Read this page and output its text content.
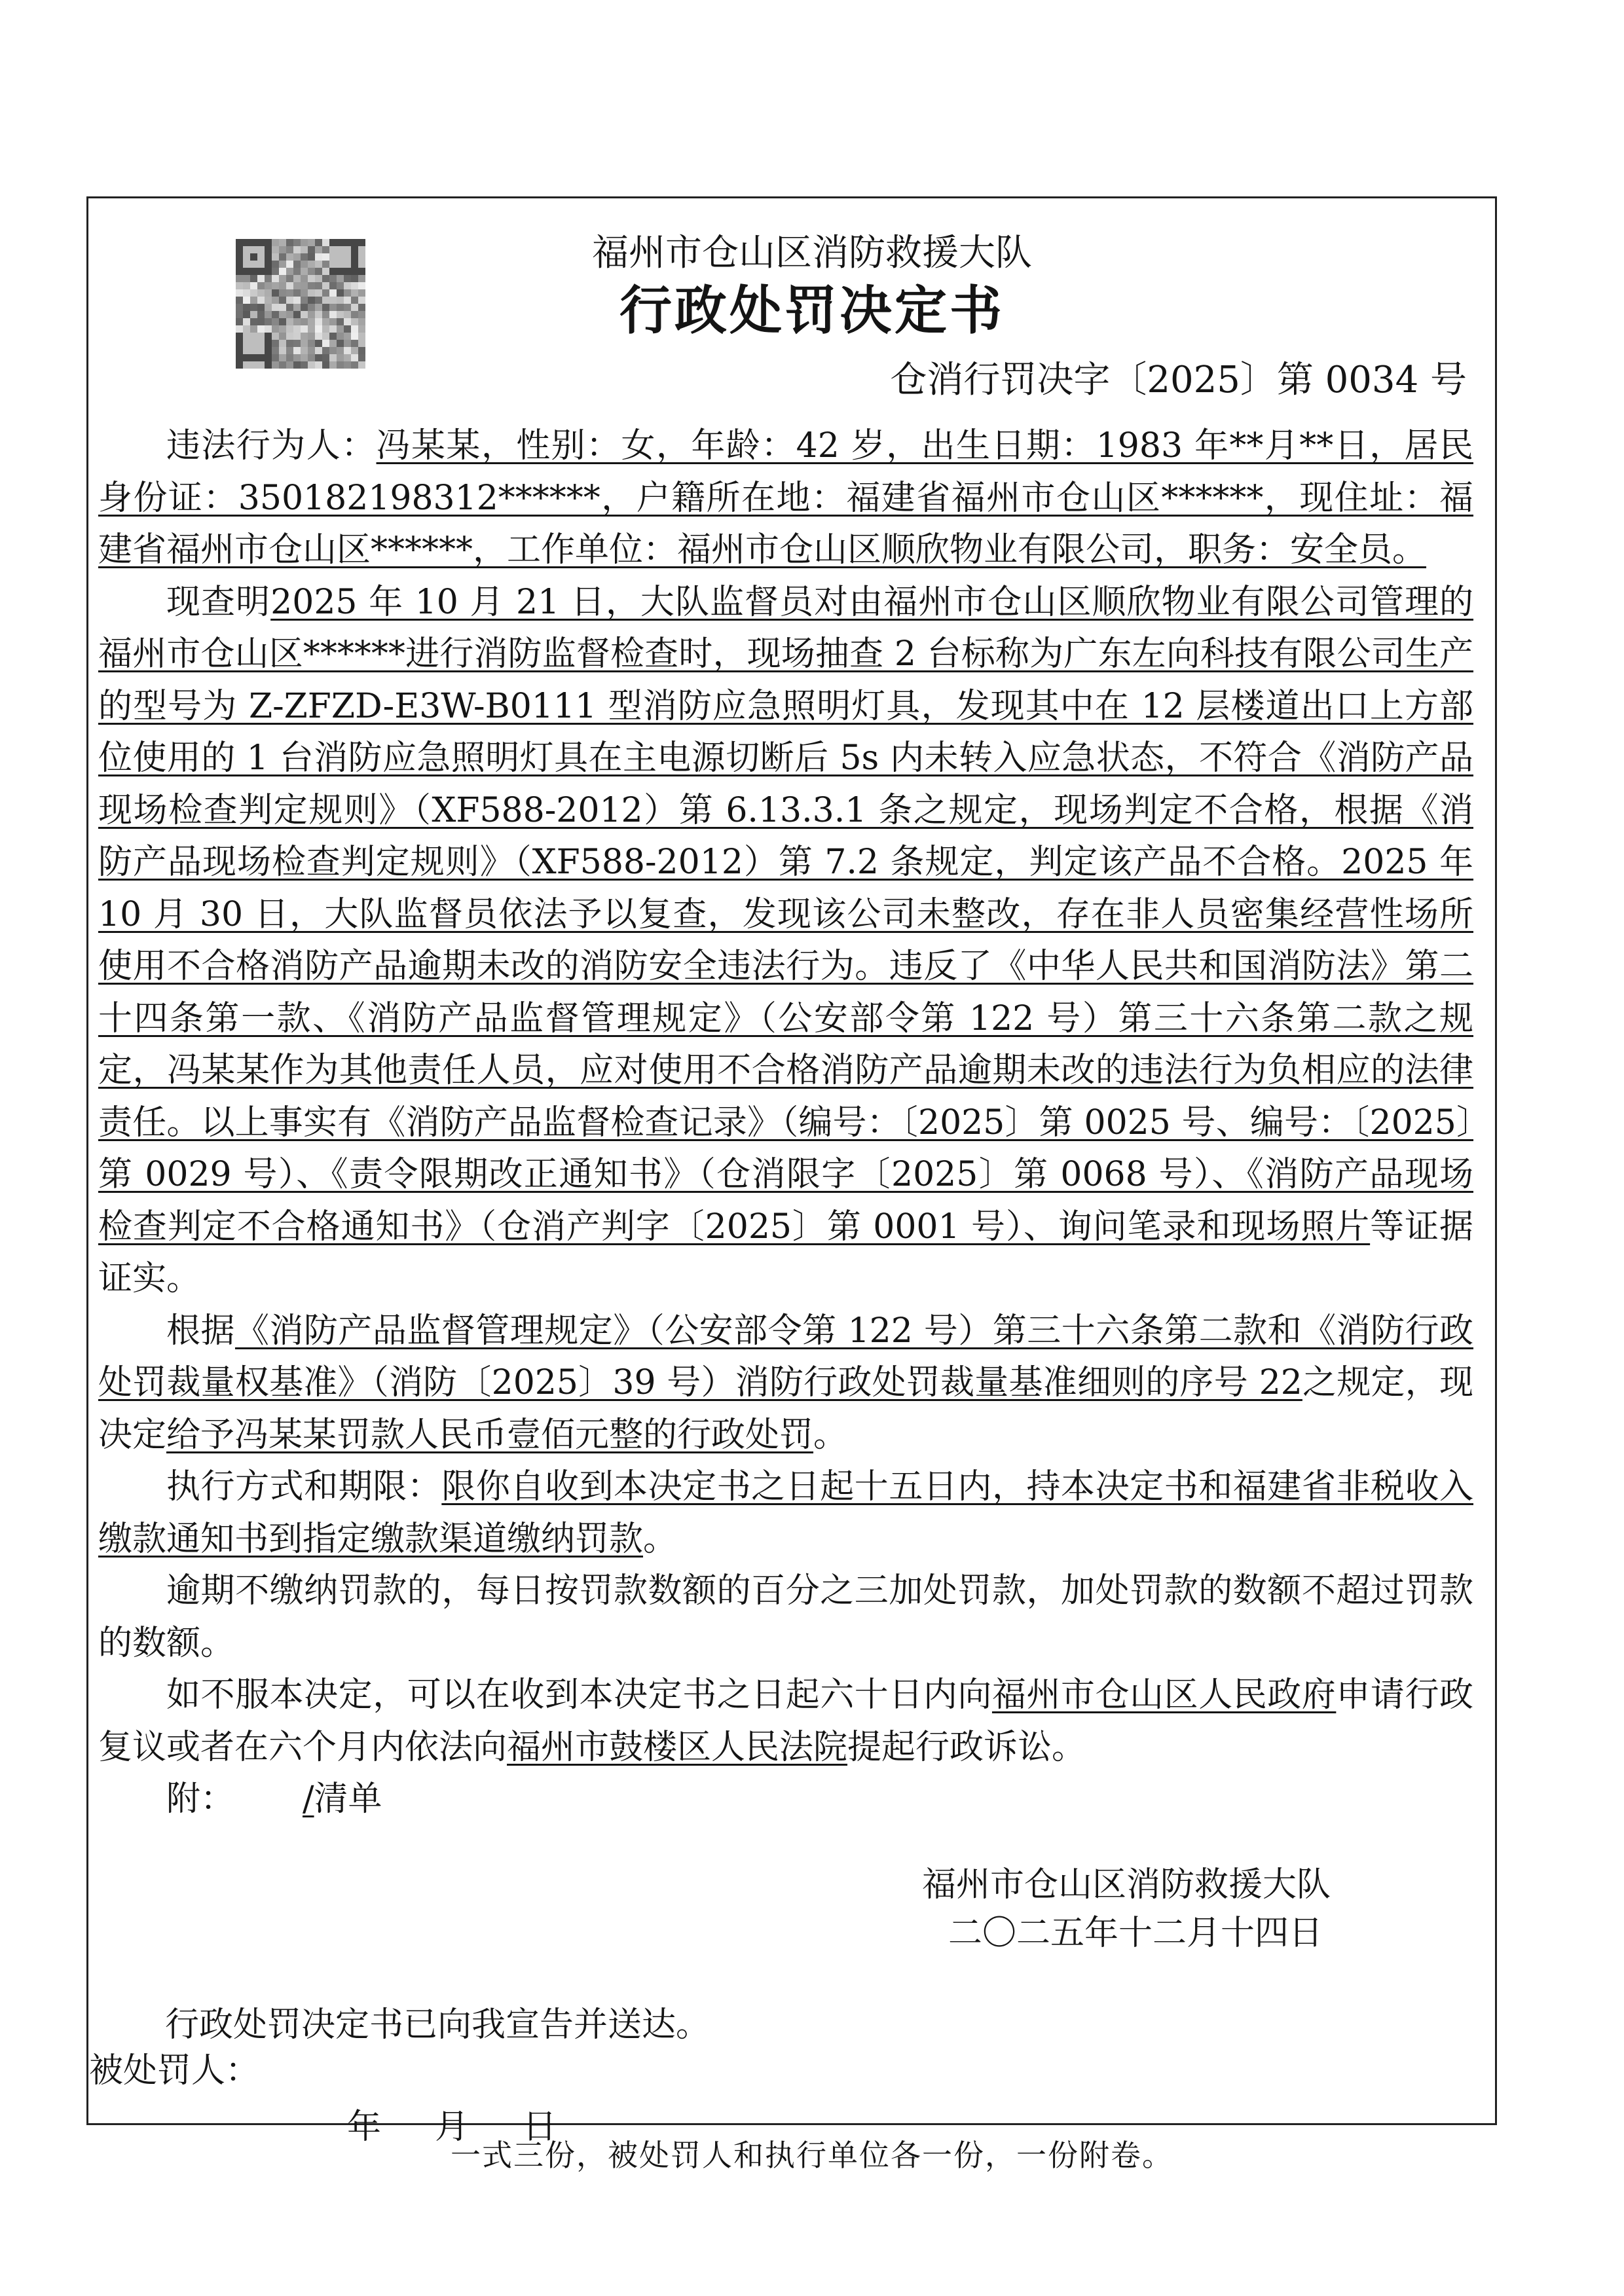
福州市仓山区消防救援大队
行政处罚决定书
仓消行罚决字〔2025〕第 0034 号

违法行为人：冯某某，性别：女，年龄：42 岁，出生日期：1983 年**月**日，居民身份证：350182198312******，户籍所在地：福建省福州市仓山区******，现住址：福建省福州市仓山区******，工作单位：福州市仓山区顺欣物业有限公司，职务：安全员。

现查明2025 年 10 月 21 日，大队监督员对由福州市仓山区顺欣物业有限公司管理的福州市仓山区******进行消防监督检查时，现场抽查 2 台标称为广东左向科技有限公司生产的型号为 Z-ZFZD-E3W-B0111 型消防应急照明灯具，发现其中在 12 层楼道出口上方部位使用的 1 台消防应急照明灯具在主电源切断后 5s 内未转入应急状态，不符合《消防产品现场检查判定规则》（XF588-2012）第 6.13.3.1 条之规定，现场判定不合格，根据《消防产品现场检查判定规则》（XF588-2012）第 7.2 条规定，判定该产品不合格。2025 年 10 月 30 日，大队监督员依法予以复查，发现该公司未整改，存在非人员密集经营性场所使用不合格消防产品逾期未改的消防安全违法行为。违反了《中华人民共和国消防法》第二十四条第一款、《消防产品监督管理规定》（公安部令第 122 号）第三十六条第二款之规定，冯某某作为其他责任人员，应对使用不合格消防产品逾期未改的违法行为负相应的法律责任。以上事实有《消防产品监督检查记录》（编号：〔2025〕第 0025 号、编号：〔2025〕第 0029 号）、《责令限期改正通知书》（仓消限字〔2025〕第 0068 号）、《消防产品现场检查判定不合格通知书》（仓消产判字〔2025〕第 0001 号）、询问笔录和现场照片等证据证实。

根据《消防产品监督管理规定》（公安部令第 122 号）第三十六条第二款和《消防行政处罚裁量权基准》（消防〔2025〕39 号）消防行政处罚裁量基准细则的序号 22之规定，现决定给予冯某某罚款人民币壹佰元整的行政处罚。

执行方式和期限：限你自收到本决定书之日起十五日内，持本决定书和福建省非税收入缴款通知书到指定缴款渠道缴纳罚款。

逾期不缴纳罚款的，每日按罚款数额的百分之三加处罚款，加处罚款的数额不超过罚款的数额。

如不服本决定，可以在收到本决定书之日起六十日内向福州市仓山区人民政府申请行政复议或者在六个月内依法向福州市鼓楼区人民法院提起行政诉讼。

附： /清单

福州市仓山区消防救援大队
二〇二五年十二月十四日
行政处罚决定书已向我宣告并送达。
被处罚人：
年 月 日
一式三份，被处罚人和执行单位各一份，一份附卷。
